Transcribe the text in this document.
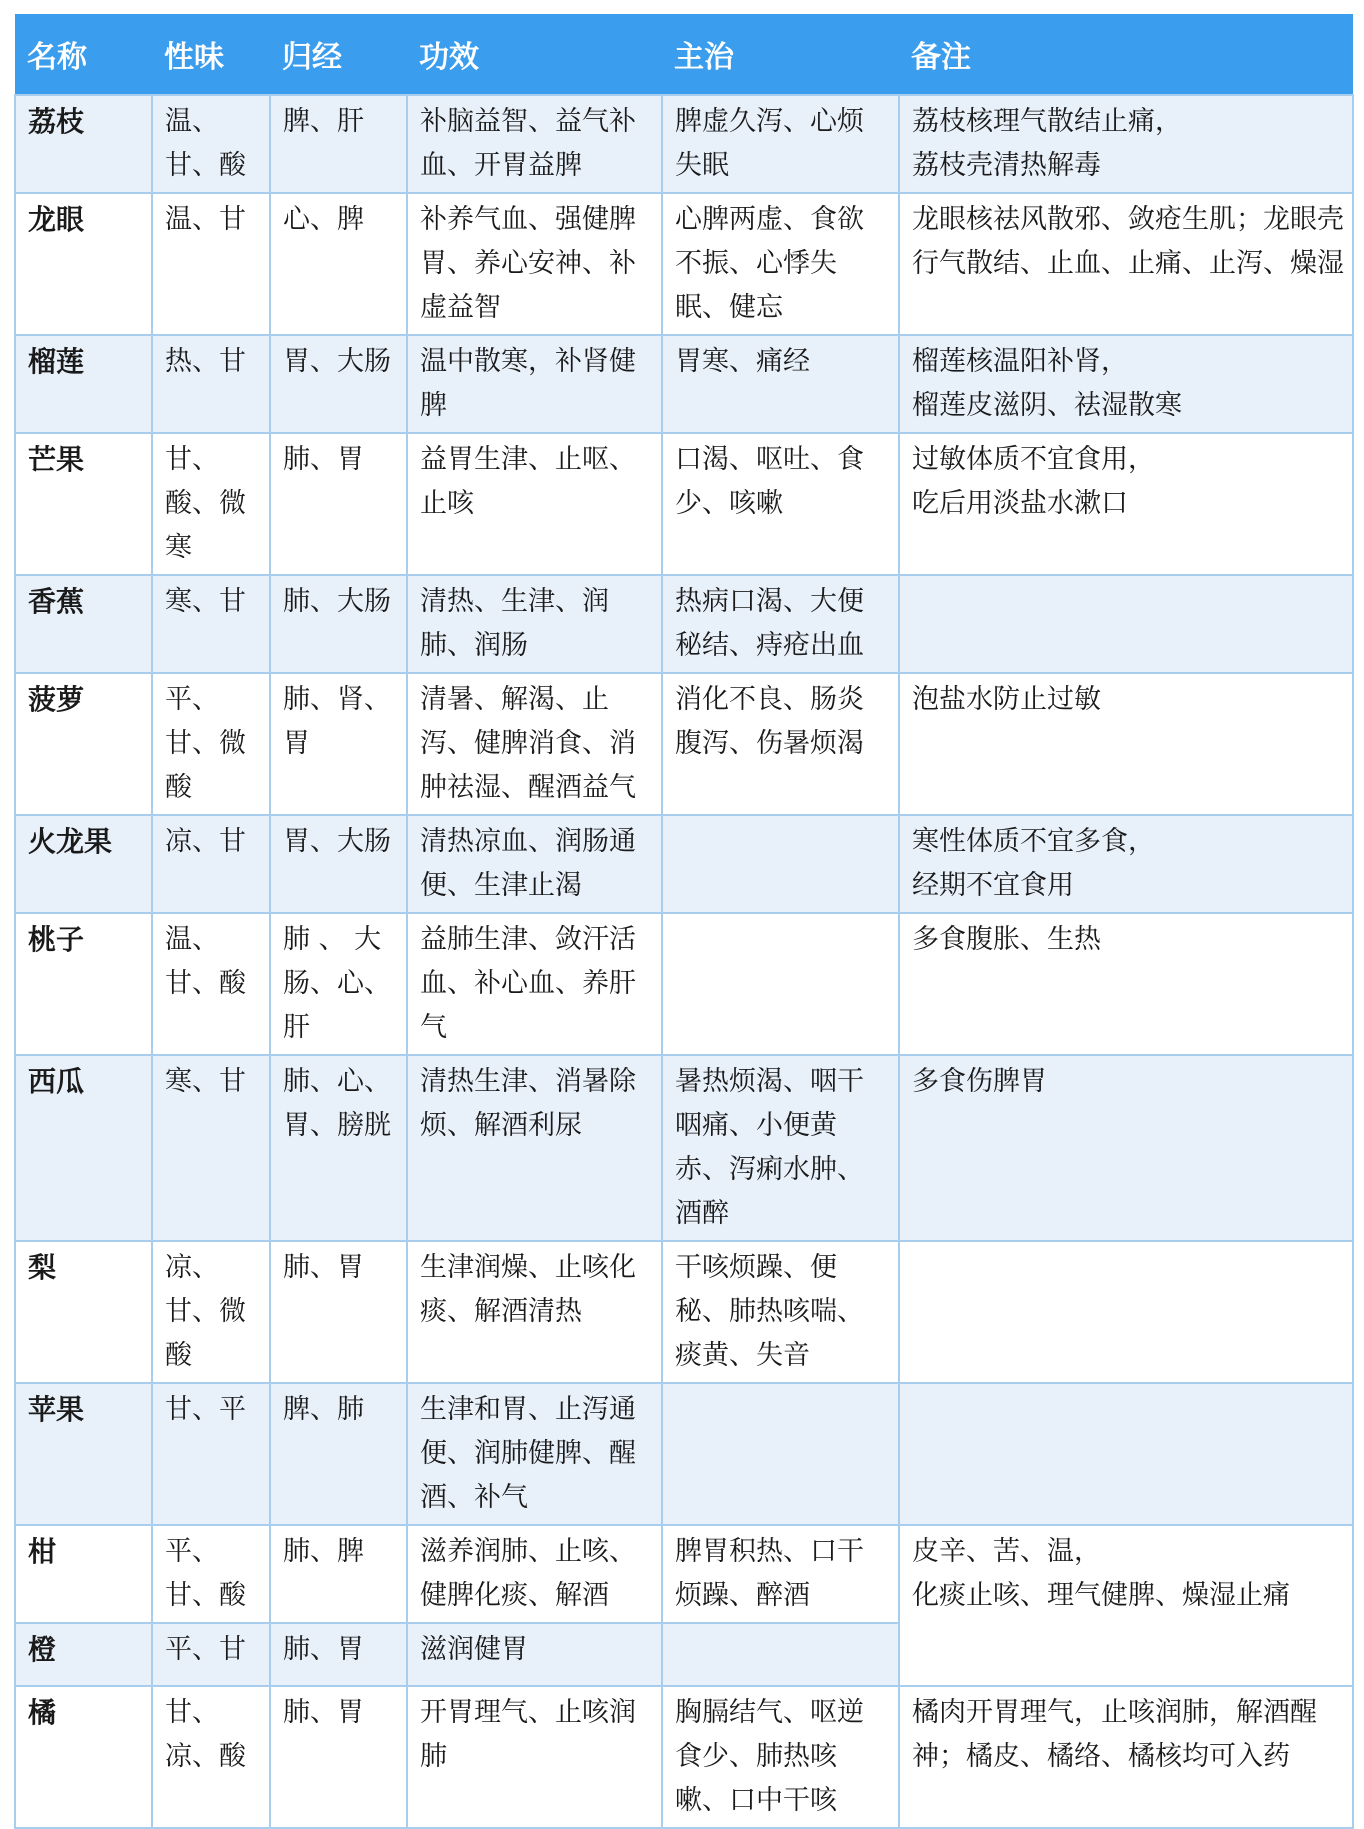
名称	性味	归经	功效	主治	备注
荔枝	温、甘、酸	脾、肝	补脑益智、益气补血、开胃益脾	脾虚久泻、心烦失眠	荔枝核理气散结止痛，
荔枝壳清热解毒

龙眼	温、甘	心、脾	补养气血、强健脾胃、养心安神、补虚益智	心脾两虚、食欲不振、心悸失眠、健忘	龙眼核祛风散邪、敛疮生肌；龙眼壳行气散结、止血、止痛、止泻、燥湿

榴莲	热、甘	胃、大肠	温中散寒，补肾健脾	胃寒、痛经	榴莲核温阳补肾，
榴莲皮滋阴、祛湿散寒

芒果	甘、酸、微寒	肺、胃	益胃生津、止呕、止咳	口渴、呕吐、食少、咳嗽	过敏体质不宜食用，
吃后用淡盐水漱口

香蕉	寒、甘	肺、大肠	清热、生津、润肺、润肠	热病口渴、大便秘结、痔疮出血	
菠萝	平、甘、微酸	肺、肾、胃	清暑、解渴、止泻、健脾消食、消肿祛湿、醒酒益气	消化不良、肠炎腹泻、伤暑烦渴	泡盐水防止过敏

火龙果	凉、甘	胃、大肠	清热凉血、润肠通便、生津止渴		寒性体质不宜多食，
经期不宜食用

桃子	温、甘、酸	肺 、 大肠、心、肝	益肺生津、敛汗活血、补心血、养肝气		多食腹胀、生热

西瓜	寒、甘	肺、心、胃、膀胱	清热生津、消暑除烦、解酒利尿	暑热烦渴、咽干咽痛、小便黄赤、泻痢水肿、酒醉	多食伤脾胃

梨	凉、甘、微酸	肺、胃	生津润燥、止咳化痰、解酒清热	干咳烦躁、便秘、肺热咳喘、痰黄、失音	
苹果	甘、平	脾、肺	生津和胃、止泻通便、润肺健脾、醒酒、补气		
柑	平、甘、酸	肺、脾	滋养润肺、止咳、健脾化痰、解酒	脾胃积热、口干烦躁、醉酒	皮辛、苦、温，
化痰止咳、理气健脾、燥湿止痛

橙	平、甘	肺、胃	滋润健胃		
橘	甘、凉、酸	肺、胃	开胃理气、止咳润肺	胸膈结气、呕逆食少、肺热咳嗽、口中干咳	橘肉开胃理气，止咳润肺，解酒醒神；橘皮、橘络、橘核均可入药
